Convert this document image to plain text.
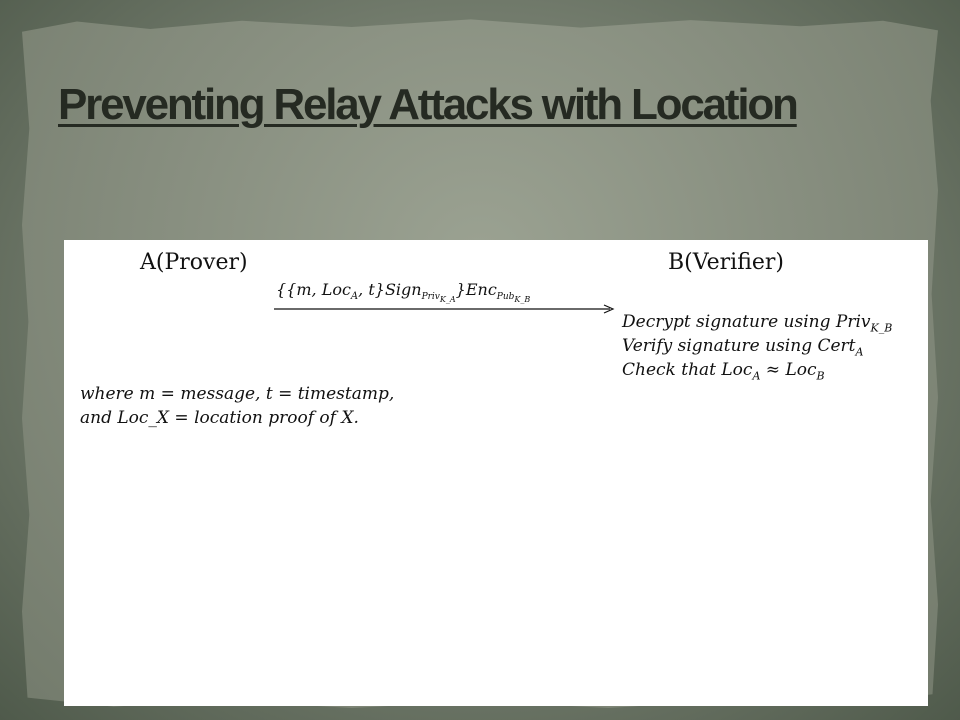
Preventing Relay Attacks with Location

A(Prover)	B(Verifier)

{{m, Loc$_A$, t}Sign$_{Priv_{K\_A}}$}Enc$_{Pub_{K\_B}}$

Decrypt signature using Priv$_{K\_B}$

Verify signature using Cert$_A$

Check that Loc$_A$ ≈ Loc$_B$

where m = message, t = timestamp,

and Loc_X = location proof of X.
